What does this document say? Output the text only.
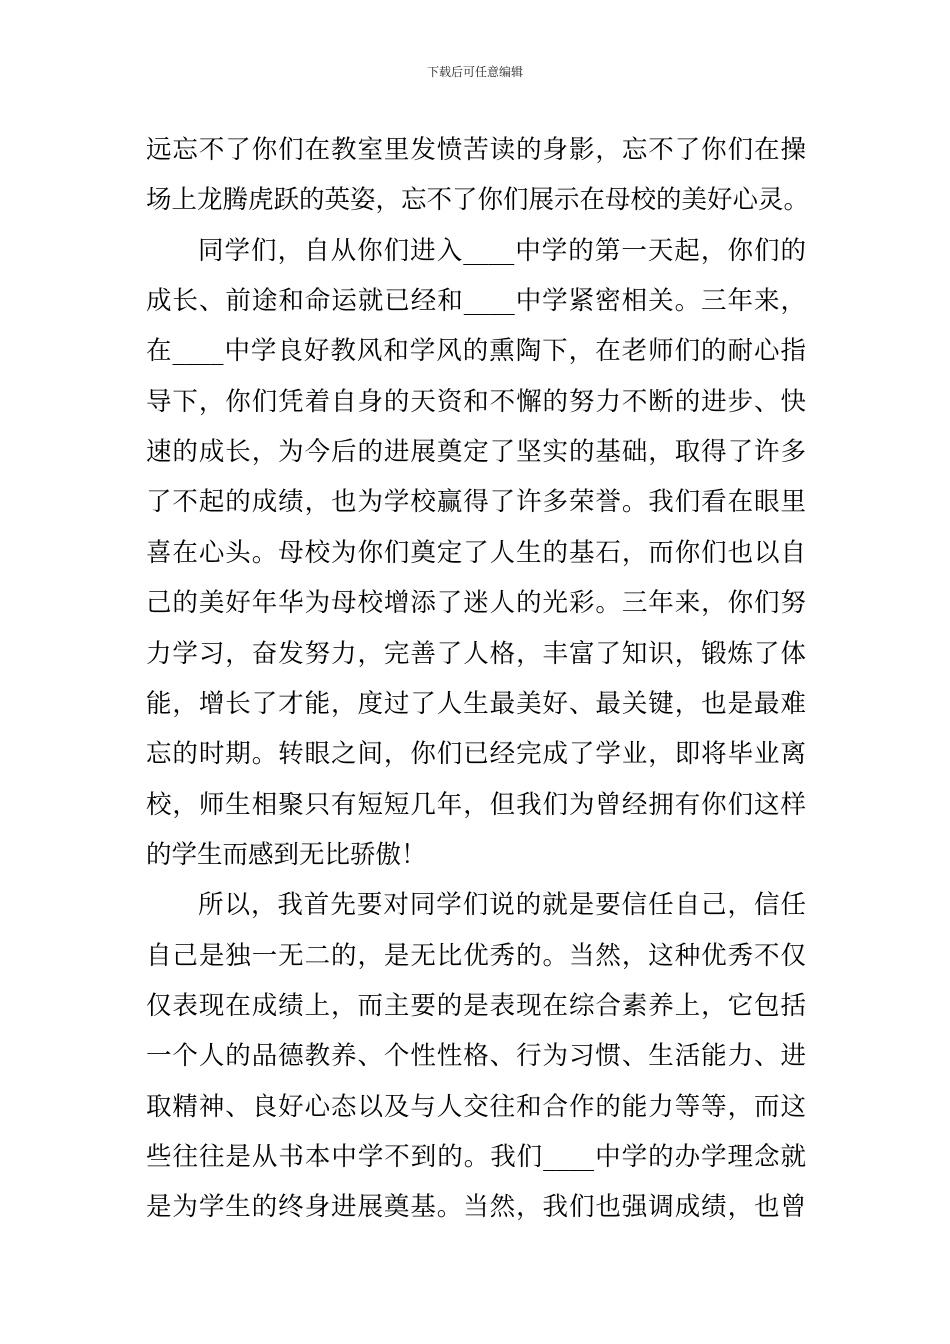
下载后可任意编辑
远忘不了你们在教室里发愤苦读的身影，忘不了你们在操
场上龙腾虎跃的英姿，忘不了你们展示在母校的美好心灵。
同学们，自从你们进入____中学的第一天起，你们的
成长、前途和命运就已经和____中学紧密相关。三年来，
在____中学良好教风和学风的熏陶下，在老师们的耐心指
导下，你们凭着自身的天资和不懈的努力不断的进步、快
速的成长，为今后的进展奠定了坚实的基础，取得了许多
了不起的成绩，也为学校赢得了许多荣誉。我们看在眼里
喜在心头。母校为你们奠定了人生的基石，而你们也以自
己的美好年华为母校增添了迷人的光彩。三年来，你们努
力学习，奋发努力，完善了人格，丰富了知识，锻炼了体
能，增长了才能，度过了人生最美好、最关键，也是最难
忘的时期。转眼之间，你们已经完成了学业，即将毕业离
校，师生相聚只有短短几年，但我们为曾经拥有你们这样
的学生而感到无比骄傲！
所以，我首先要对同学们说的就是要信任自己，信任
自己是独一无二的，是无比优秀的。当然，这种优秀不仅
仅表现在成绩上，而主要的是表现在综合素养上，它包括
一个人的品德教养、个性性格、行为习惯、生活能力、进
取精神、良好心态以及与人交往和合作的能力等等，而这
些往往是从书本中学不到的。我们____中学的办学理念就
是为学生的终身进展奠基。当然，我们也强调成绩，也曾
